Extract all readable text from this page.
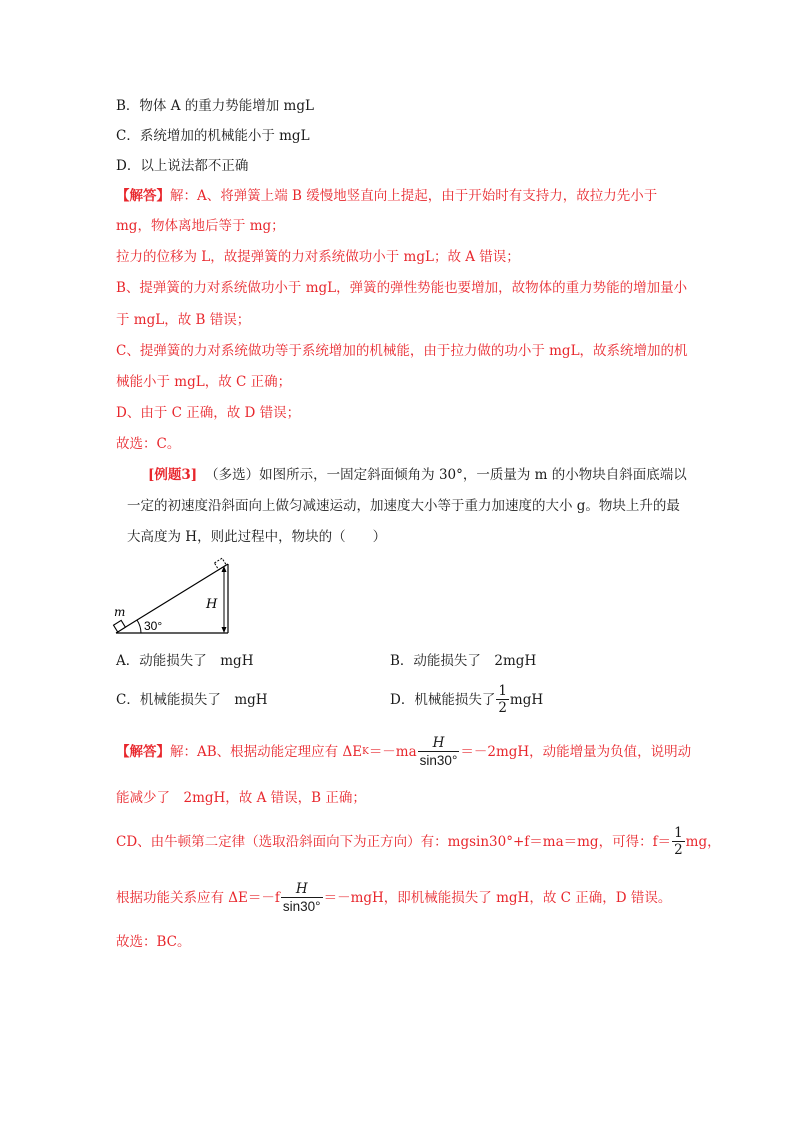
B．物体 A 的重力势能增加 mgL
C．系统增加的机械能小于 mgL
D．以上说法都不正确
【解答】解：A、将弹簧上端 B 缓慢地竖直向上提起，由于开始时有支持力，故拉力先小于
mg，物体离地后等于 mg；
拉力的位移为 L，故提弹簧的力对系统做功小于 mgL；故 A 错误；
B、提弹簧的力对系统做功小于 mgL，弹簧的弹性势能也要增加，故物体的重力势能的增加量小
于 mgL，故 B 错误；
C、提弹簧的力对系统做功等于系统增加的机械能，由于拉力做的功小于 mgL，故系统增加的机
械能小于 mgL，故 C 正确；
D、由于 C 正确，故 D 错误；
故选：C。
[例题3] （多选）如图所示，一固定斜面倾角为 30°，一质量为 m 的小物块自斜面底端以
一定的初速度沿斜面向上做匀减速运动，加速度大小等于重力加速度的大小 g。物块上升的最
大高度为 H，则此过程中，物块的（　　）
m
30°
H
A．动能损失了　mgH	B．动能损失了　2mgH
C．机械能损失了　mgH	D．机械能损失了 $\frac{1}{2}$ mgH
【解答】 解：AB、根据动能定理应有 ΔE $K =-ma \frac{H}{\sin 30^\circ} =-2mgH$，动能增量为负值，说明动
能减少了　2mgH，故 A 错误，B 正确；
CD、由牛顿第二定律（选取沿斜面向下为正方向）有：mgsin30°+f＝ma＝mg，可得：$f= \frac{1}{2}$ mg，
根据功能关系应有 $\Delta E=-f \frac{H}{\sin 30^\circ} =-mgH$，即机械能损失了 mgH，故 C 正确，D 错误。
故选：BC。
